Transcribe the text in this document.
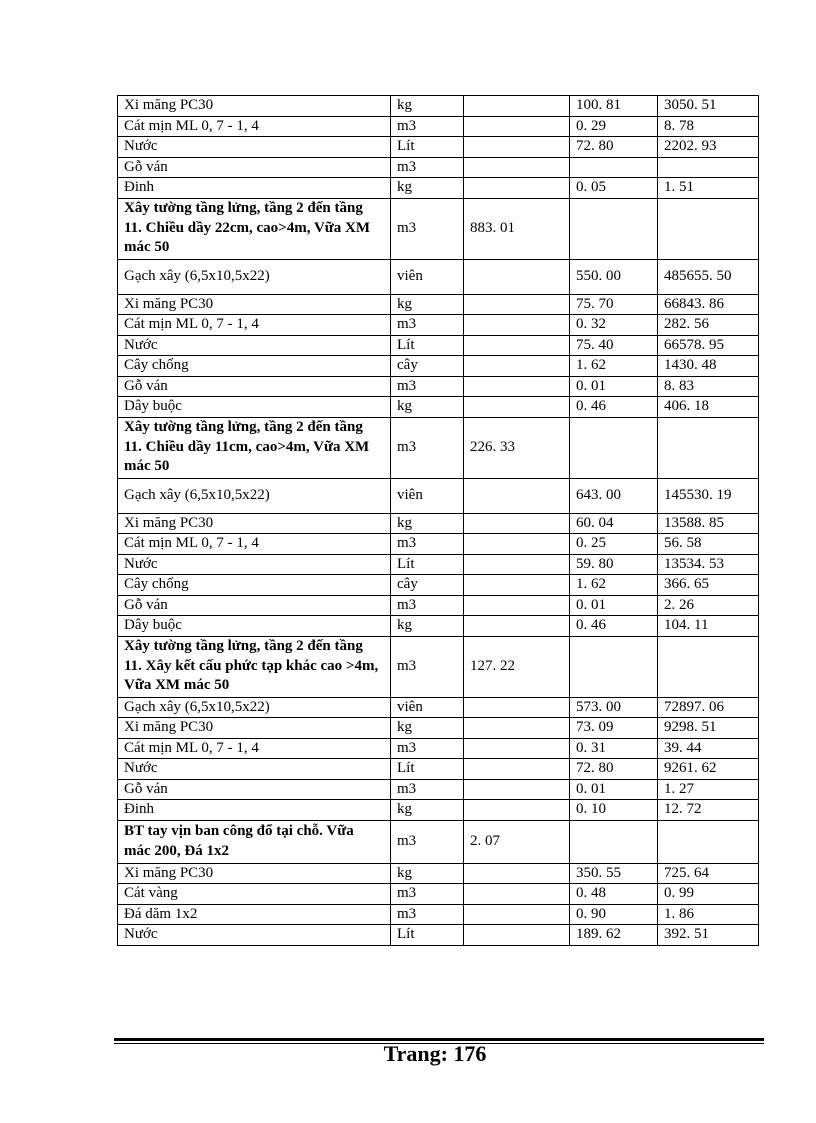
Xi măng PC30	kg		100. 81	3050. 51
Cát mịn ML 0, 7 - 1, 4	m3		0. 29	8. 78
Nước	Lít		72. 80	2202. 93
Gỗ ván	m3			
Đinh	kg		0. 05	1. 51
Xây tường tầng lửng, tầng 2 đến tầng 11. Chiều dầy 22cm, cao>4m, Vữa XM mác 50	m3	883. 01		
Gạch xây (6,5x10,5x22)	viên		550. 00	485655. 50
Xi măng PC30	kg		75. 70	66843. 86
Cát mịn ML 0, 7 - 1, 4	m3		0. 32	282. 56
Nước	Lít		75. 40	66578. 95
Cây chống	cây		1. 62	1430. 48
Gỗ ván	m3		0. 01	8. 83
Dây buộc	kg		0. 46	406. 18
Xây tường tầng lửng, tầng 2 đến tầng 11. Chiều dầy 11cm, cao>4m, Vữa XM mác 50	m3	226. 33		
Gạch xây (6,5x10,5x22)	viên		643. 00	145530. 19
Xi măng PC30	kg		60. 04	13588. 85
Cát mịn ML 0, 7 - 1, 4	m3		0. 25	56. 58
Nước	Lít		59. 80	13534. 53
Cây chống	cây		1. 62	366. 65
Gỗ ván	m3		0. 01	2. 26
Dây buộc	kg		0. 46	104. 11
Xây tường tầng lửng, tầng 2 đến tầng 11. Xây kết cấu phức tạp khác cao >4m, Vữa XM mác 50	m3	127. 22		
Gạch xây (6,5x10,5x22)	viên		573. 00	72897. 06
Xi măng PC30	kg		73. 09	9298. 51
Cát mịn ML 0, 7 - 1, 4	m3		0. 31	39. 44
Nước	Lít		72. 80	9261. 62
Gỗ ván	m3		0. 01	1. 27
Đinh	kg		0. 10	12. 72
BT tay vịn ban công đổ tại chỗ. Vữa mác 200, Đá 1x2	m3	2. 07		
Xi măng PC30	kg		350. 55	725. 64
Cát vàng	m3		0. 48	0. 99
Đá dăm 1x2	m3		0. 90	1. 86
Nước	Lít		189. 62	392. 51
Trang: 176
